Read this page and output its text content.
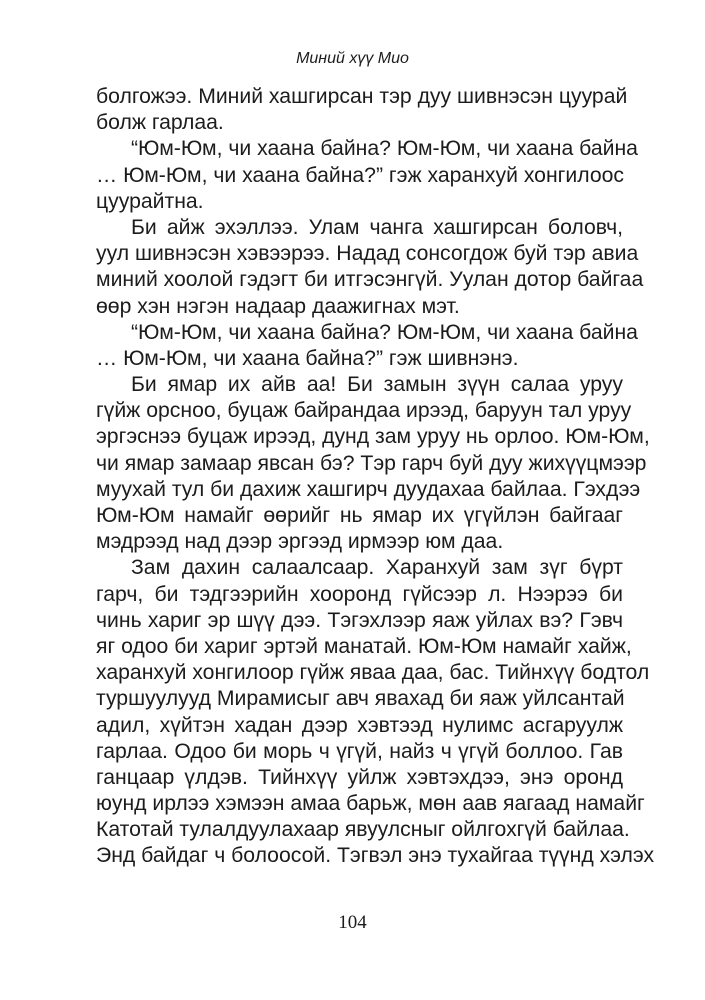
Миний хүү Мио
болгожээ. Миний хашгирсан тэр дуу шивнэсэн цуурай
болж гарлаа.
“Юм-Юм, чи хаана байна? Юм-Юм, чи хаана байна
… Юм-Юм, чи хаана байна?” гэж харанхуй хонгилоос
цуурайтна.
Би айж эхэллээ. Улам чанга хашгирсан боловч,
уул шивнэсэн хэвээрээ. Надад сонсогдож буй тэр авиа
миний хоолой гэдэгт би итгэсэнгүй. Уулан дотор байгаа
өөр хэн нэгэн надаар даажигнах мэт.
“Юм-Юм, чи хаана байна? Юм-Юм, чи хаана байна
… Юм-Юм, чи хаана байна?” гэж шивнэнэ.
Би ямар их айв аа! Би замын зүүн салаа уруу
гүйж орсноо, буцаж байрандаа ирээд, баруун тал уруу
эргэснээ буцаж ирээд, дунд зам уруу нь орлоо. Юм-Юм,
чи ямар замаар явсан бэ? Тэр гарч буй дуу жихүүцмээр
муухай тул би дахиж хашгирч дуудахаа байлаа. Гэхдээ
Юм-Юм намайг өөрийг нь ямар их үгүйлэн байгааг
мэдрээд над дээр эргээд ирмээр юм даа.
Зам дахин салаалсаар. Харанхуй зам зүг бүрт
гарч, би тэдгээрийн хооронд гүйсээр л. Нээрээ би
чинь хариг эр шүү дээ. Тэгэхлээр яаж уйлах вэ? Гэвч
яг одоо би хариг эртэй манатай. Юм-Юм намайг хайж,
харанхуй хонгилоор гүйж яваа даа, бас. Тийнхүү бодтол
туршуулууд Мирамисыг авч явахад би яаж уйлсантай
адил, хүйтэн хадан дээр хэвтээд нулимс асгаруулж
гарлаа. Одоо би морь ч үгүй, найз ч үгүй боллоо. Гав
ганцаар үлдэв. Тийнхүү уйлж хэвтэхдээ, энэ оронд
юунд ирлээ хэмээн амаа барьж, мөн аав яагаад намайг
Катотай тулалдуулахаар явуулсныг ойлгохгүй байлаа.
Энд байдаг ч болоосой. Тэгвэл энэ тухайгаа түүнд хэлэх
104
